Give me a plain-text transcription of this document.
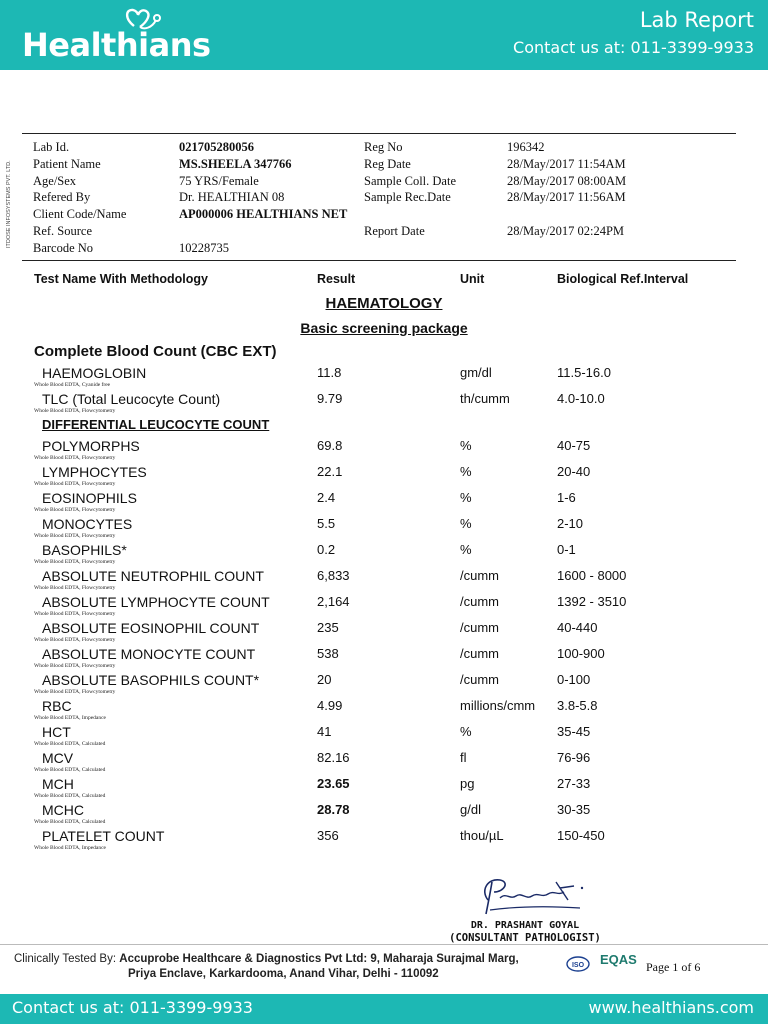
Healthians
Lab Report
Contact us at: 011-3399-9933
ITDOSE INFOSYSTEMS PVT. LTD.
Lab Id.	021705280056	Reg No	196342
Patient Name	MS.SHEELA 347766	Reg Date	28/May/2017 11:54AM
Age/Sex	75 YRS/Female	Sample Coll. Date	28/May/2017 08:00AM
Refered By	Dr. HEALTHIAN 08	Sample Rec.Date	28/May/2017 11:56AM
Client Code/Name	AP000006 HEALTHIANS NET
Ref. Source	Report Date	28/May/2017 02:24PM
Barcode No	10228735
Test Name With Methodology	Result	Unit	Biological Ref.Interval
HAEMATOLOGY
Basic screening package
Complete Blood Count (CBC EXT)
HAEMOGLOBIN	11.8	gm/dl	11.5-16.0
Whole Blood EDTA, Cyanide free
TLC (Total Leucocyte Count)	9.79	th/cumm	4.0-10.0
Whole Blood EDTA, Flowcytometry
DIFFERENTIAL LEUCOCYTE COUNT
POLYMORPHS	69.8	%	40-75
Whole Blood EDTA, Flowcytometry
LYMPHOCYTES	22.1	%	20-40
Whole Blood EDTA, Flowcytometry
EOSINOPHILS	2.4	%	1-6
Whole Blood EDTA, Flowcytometry
MONOCYTES	5.5	%	2-10
Whole Blood EDTA, Flowcytometry
BASOPHILS*	0.2	%	0-1
Whole Blood EDTA, Flowcytometry
ABSOLUTE NEUTROPHIL COUNT	6,833	/cumm	1600 - 8000
Whole Blood EDTA, Flowcytometry
ABSOLUTE LYMPHOCYTE COUNT	2,164	/cumm	1392 - 3510
Whole Blood EDTA, Flowcytometry
ABSOLUTE EOSINOPHIL COUNT	235	/cumm	40-440
Whole Blood EDTA, Flowcytometry
ABSOLUTE MONOCYTE COUNT	538	/cumm	100-900
Whole Blood EDTA, Flowcytometry
ABSOLUTE BASOPHILS COUNT*	20	/cumm	0-100
Whole Blood EDTA, Flowcytometry
RBC	4.99	millions/cmm 3.8-5.8
Whole Blood EDTA, Impedance
HCT	41	%	35-45
Whole Blood EDTA, Calculated
MCV	82.16	fl	76-96
Whole Blood EDTA, Calculated
MCH	23.65	pg	27-33
Whole Blood EDTA, Calculated
MCHC	28.78	g/dl	30-35
Whole Blood EDTA, Calculated
PLATELET COUNT	356	thou/µL	150-450
Whole Blood EDTA, Impedance
DR. PRASHANT GOYAL
(CONSULTANT PATHOLOGIST)
Clinically Tested By: Accuprobe Healthcare & Diagnostics Pvt Ltd: 9, Maharaja Surajmal Marg,
Priya Enclave, Karkardooma, Anand Vihar, Delhi - 110092
ISO EQAS Page 1 of 6
Contact us at: 011-3399-9933	www.healthians.com
